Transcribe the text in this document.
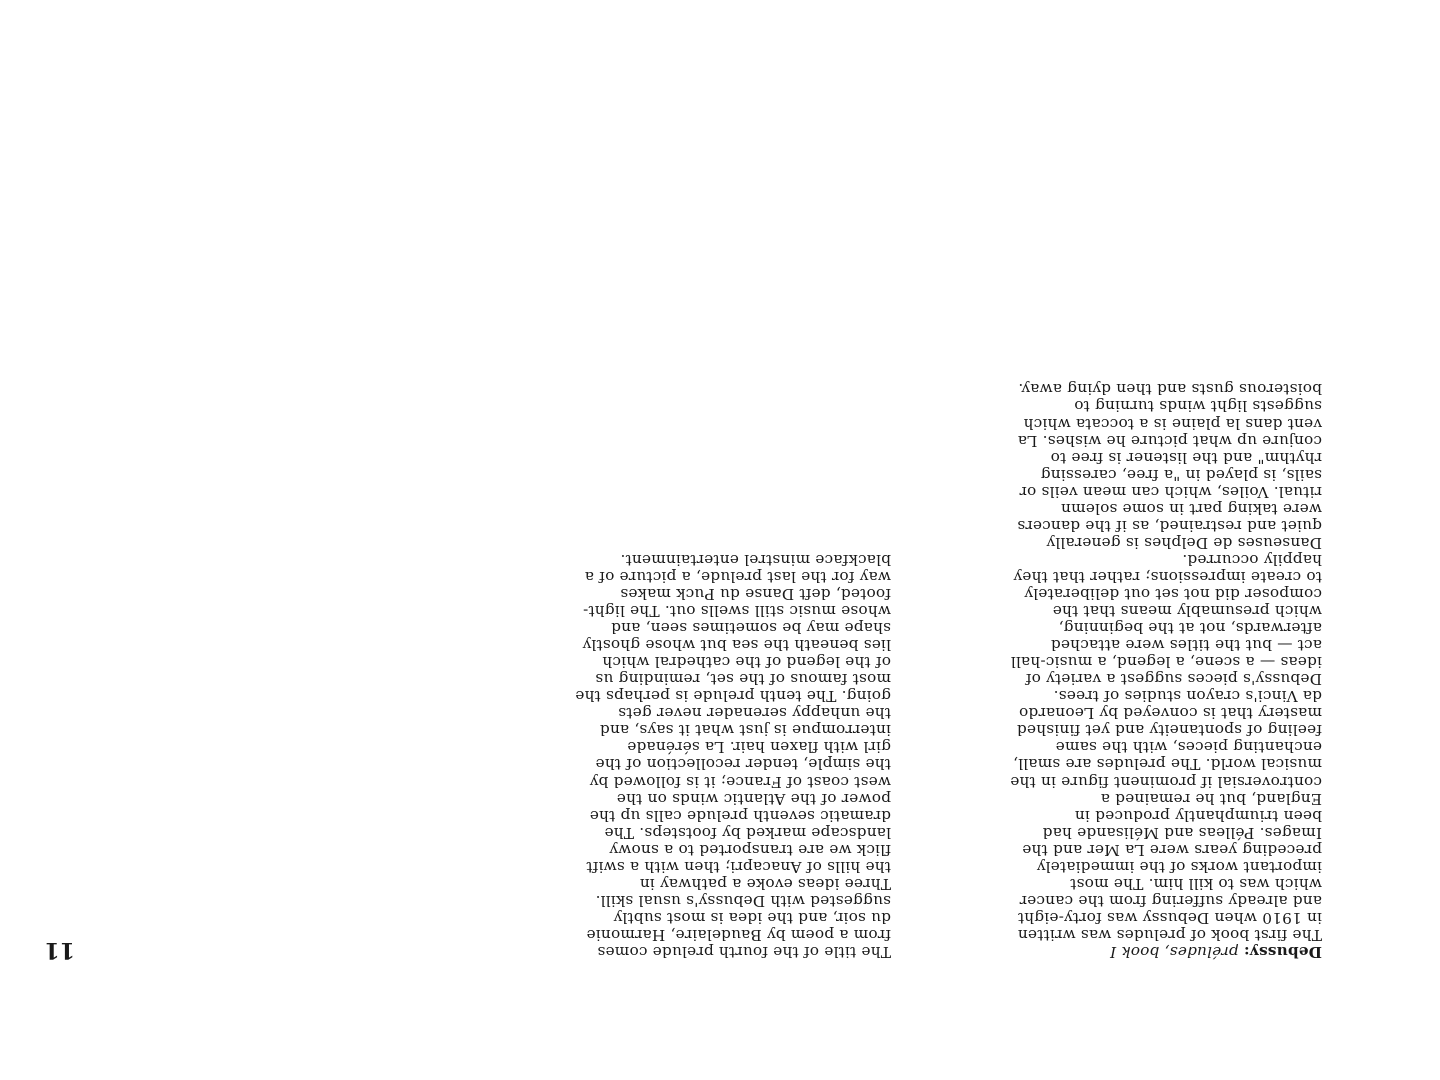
Debussy: préludes, book I
The first book of preludes was written
in 1910 when Debussy was forty-eight
and already suffering from the cancer
which was to kill him. The most
important works of the immediately
preceding years were La Mer and the
Images. Pélleas and Mélisande had
been triumphantly produced in
England, but he remained a
controversial if prominent figure in the
musical world. The preludes are small,
enchanting pieces, with the same
feeling of spontaneity and yet finished
mastery that is conveyed by Leonardo
da Vinci's crayon studies of trees.
Debussy's pieces suggest a variety of
ideas — a scene, a legend, a music-hall
act — but the titles were attached
afterwards, not at the beginning,
which presumably means that the
composer did not set out deliberately
to create impressions; rather that they
happily occurred.
Danseuses de Delphes is generally
quiet and restrained, as if the dancers
were taking part in some solemn
ritual. Voiles, which can mean veils or
sails, is played in "a free, caressing
rhythm" and the listener is free to
conjure up what picture he wishes. La
vent dans la plaine is a toccata which
suggests light winds turning to
boisterous gusts and then dying away.
The title of the fourth prelude comes
from a poem by Baudelaire, Harmonie
du soir, and the idea is most subtly
suggested with Debussy's usual skill.
Three ideas evoke a pathway in
the hills of Anacapri; then with a swift
flick we are transported to a snowy
landscape marked by footsteps. The
dramatic seventh prelude calls up the
power of the Atlantic winds on the
west coast of France; it is followed by
the simple, tender recollection of the
girl with flaxen hair. La sérénade
interrompue is just what it says, and
the unhappy serenader never gets
going. The tenth prelude is perhaps the
most famous of the set, reminding us
of the legend of the cathedral which
lies beneath the sea but whose ghostly
shape may be sometimes seen, and
whose music still swells out. The light-
footed, deft Danse du Puck makes
way for the last prelude, a picture of a
blackface minstrel entertainment.
11
